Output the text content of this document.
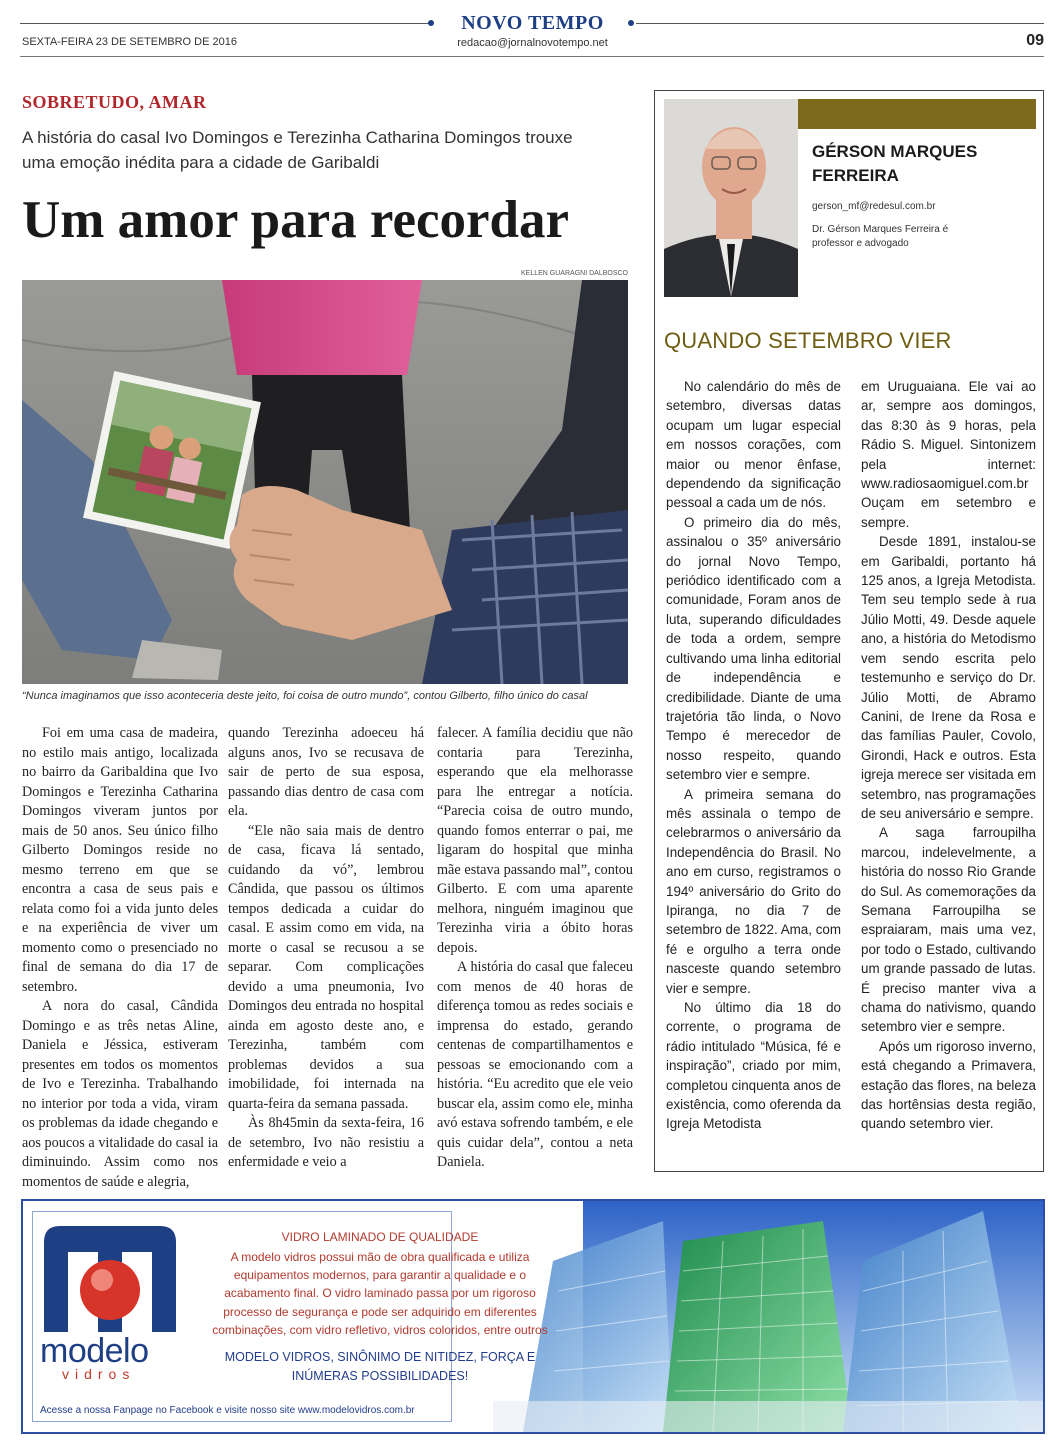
NOVO TEMPO
SEXTA-FEIRA 23 DE SETEMBRO DE 2016	redacao@jornalnovotempo.net	09
SOBRETUDO, AMAR
A história do casal Ivo Domingos e Terezinha Catharina Domingos trouxe uma emoção inédita para a cidade de Garibaldi
Um amor para recordar
KELLEN GUARAGNI DALBOSCO
“Nunca imaginamos que isso aconteceria deste jeito, foi coisa de outro mundo”, contou Gilberto, filho único do casal

Foi em uma casa de madeira, no estilo mais antigo, localizada no bairro da Garibaldina que Ivo Domingos e Terezinha Catharina Domingos viveram juntos por mais de 50 anos. Seu único filho Gilberto Domingos reside no mesmo terreno em que se encontra a casa de seus pais e relata como foi a vida junto deles e na experiência de viver um momento como o presenciado no final de semana do dia 17 de setembro.

A nora do casal, Cândida Domingo e as três netas Aline, Daniela e Jéssica, estiveram presentes em todos os momentos de Ivo e Terezinha. Trabalhando no interior por toda a vida, viram os problemas da idade chegando e aos poucos a vitalidade do casal ia diminuindo. Assim como nos momentos de saúde e alegria,

quando Terezinha adoeceu há alguns anos, Ivo se recusava de sair de perto de sua esposa, passando dias dentro de casa com ela.

“Ele não saia mais de dentro de casa, ficava lá sentado, cuidando da vó”, lembrou Cândida, que passou os últimos tempos dedicada a cuidar do casal. E assim como em vida, na morte o casal se recusou a se separar. Com complicações devido a uma pneumonia, Ivo Domingos deu entrada no hospital ainda em agosto deste ano, e Terezinha, também com problemas devidos a sua imobilidade, foi internada na quarta-feira da semana passada.

Às 8h45min da sexta-feira, 16 de setembro, Ivo não resistiu a enfermidade e veio a

falecer. A família decidiu que não contaria para Terezinha, esperando que ela melhorasse para lhe entregar a notícia. “Parecia coisa de outro mundo, quando fomos enterrar o pai, me ligaram do hospital que minha mãe estava passando mal”, contou Gilberto. E com uma aparente melhora, ninguém imaginou que Terezinha viria a óbito horas depois.

A história do casal que faleceu com menos de 40 horas de diferença tomou as redes sociais e imprensa do estado, gerando centenas de compartilhamentos e pessoas se emocionando com a história. “Eu acredito que ele veio buscar ela, assim como ele, minha avó estava sofrendo também, e ele quis cuidar dela”, contou a neta Daniela.

GÉRSON MARQUES FERREIRA
gerson_mf@redesul.com.br
Dr. Gérson Marques Ferreira é professor e advogado
QUANDO SETEMBRO VIER

No calendário do mês de setembro, diversas datas ocupam um lugar especial em nossos corações, com maior ou menor ênfase, dependendo da significação pessoal a cada um de nós.

O primeiro dia do mês, assinalou o 35º aniversário do jornal Novo Tempo, periódico identificado com a comunidade, Foram anos de luta, superando dificuldades de toda a ordem, sempre cultivando uma linha editorial de independência e credibilidade. Diante de uma trajetória tão linda, o Novo Tempo é merecedor de nosso respeito, quando setembro vier e sempre.

A primeira semana do mês assinala o tempo de celebrarmos o aniversário da Independência do Brasil. No ano em curso, registramos o 194º aniversário do Grito do Ipiranga, no dia 7 de setembro de 1822. Ama, com fé e orgulho a terra onde nasceste quando setembro vier e sempre.

No último dia 18 do corrente, o programa de rádio intitulado “Música, fé e inspiração”, criado por mim, completou cinquenta anos de existência, como oferenda da Igreja Metodista

em Uruguaiana. Ele vai ao ar, sempre aos domingos, das 8:30 às 9 horas, pela Rádio S. Miguel. Sintonizem pela internet: www.radiosaomiguel.com.br Ouçam em setembro e sempre.

Desde 1891, instalou-se em Garibaldi, portanto há 125 anos, a Igreja Metodista. Tem seu templo sede à rua Júlio Motti, 49. Desde aquele ano, a história do Metodismo vem sendo escrita pelo testemunho e serviço do Dr. Júlio Motti, de Abramo Canini, de Irene da Rosa e das famílias Pauler, Covolo, Girondi, Hack e outros. Esta igreja merece ser visitada em setembro, nas programações de seu aniversário e sempre.

A saga farroupilha marcou, indelevelmente, a história do nosso Rio Grande do Sul. As comemorações da Semana Farroupilha se espraiaram, mais uma vez, por todo o Estado, cultivando um grande passado de lutas. É preciso manter viva a chama do nativismo, quando setembro vier e sempre.

Após um rigoroso inverno, está chegando a Primavera, estação das flores, na beleza das hortênsias desta região, quando setembro vier.

modelo
vidros
VIDRO LAMINADO DE QUALIDADE
A modelo vidros possui mão de obra qualificada e utiliza equipamentos modernos, para garantir a qualidade e o acabamento final. O vidro laminado passa por um rigoroso processo de segurança e pode ser adquirido em diferentes combinações, com vidro refletivo, vidros coloridos, entre outros
MODELO VIDROS, SINÔNIMO DE NITIDEZ, FORÇA E INÚMERAS POSSIBILIDADES!
Acesse a nossa Fanpage no Facebook e visite nosso site www.modelovidros.com.br
